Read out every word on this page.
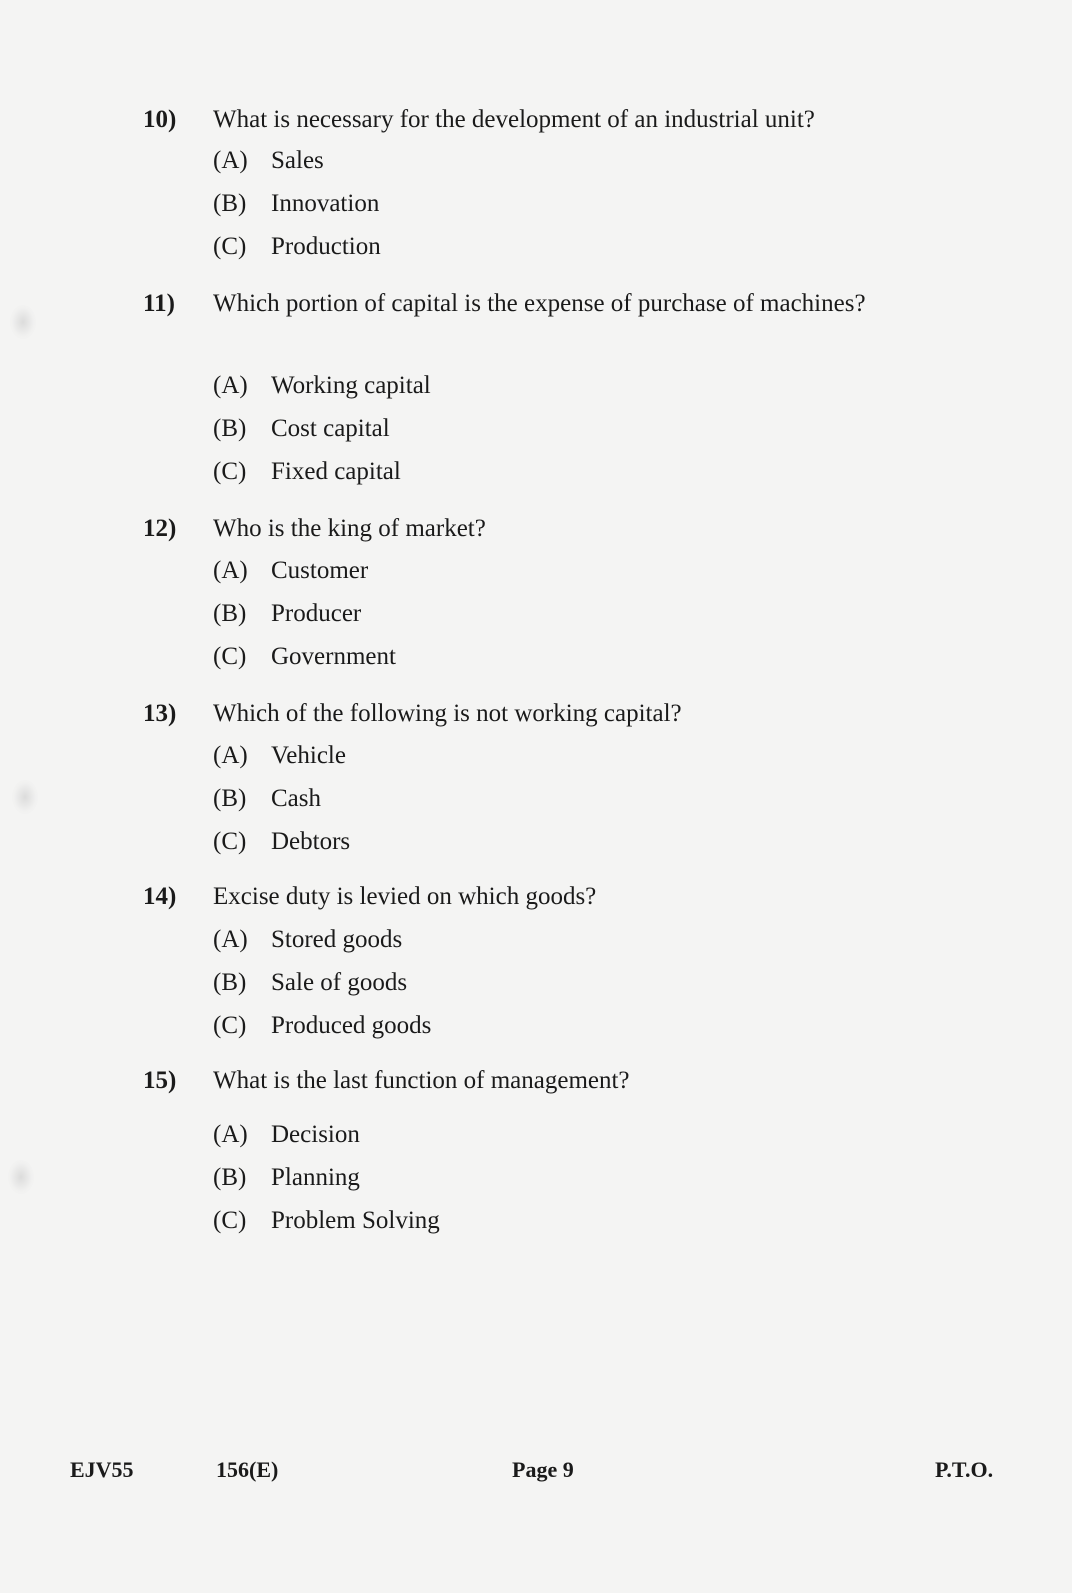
10) What is necessary for the development of an industrial unit?
(A) Sales
(B) Innovation
(C) Production
11) Which portion of capital is the expense of purchase of machines?
(A) Working capital
(B) Cost capital
(C) Fixed capital
12) Who is the king of market?
(A) Customer
(B) Producer
(C) Government
13) Which of the following is not working capital?
(A) Vehicle
(B) Cash
(C) Debtors
14) Excise duty is levied on which goods?
(A) Stored goods
(B) Sale of goods
(C) Produced goods
15) What is the last function of management?
(A) Decision
(B) Planning
(C) Problem Solving
EJV55	156(E)	Page 9	P.T.O.
